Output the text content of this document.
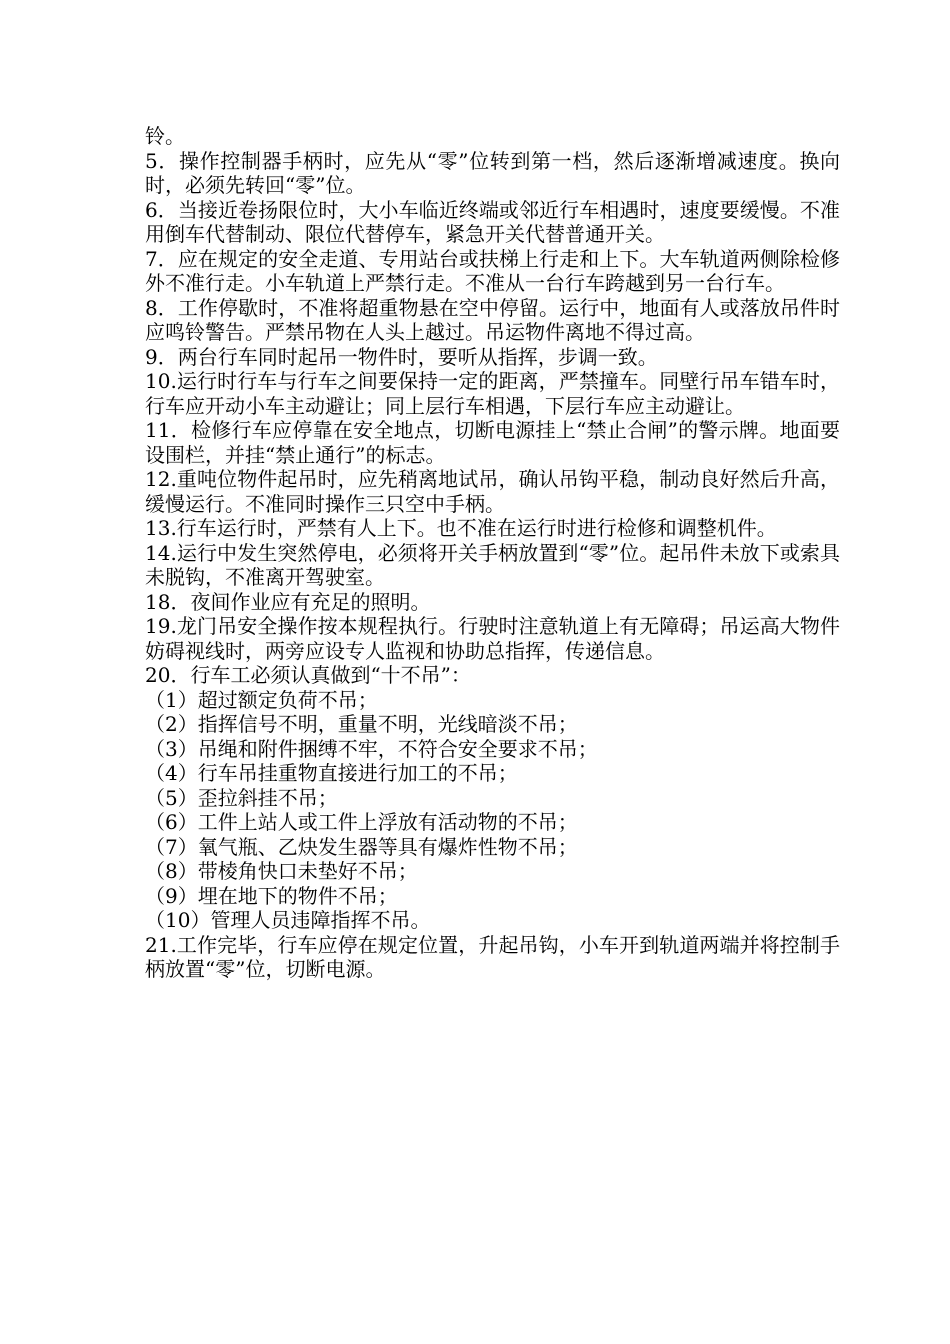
铃。

5．操作控制器手柄时，应先从“零”位转到第一档，然后逐渐增减速度。换向时，必须先转回“零”位。

6．当接近卷扬限位时，大小车临近终端或邻近行车相遇时，速度要缓慢。不准用倒车代替制动、限位代替停车，紧急开关代替普通开关。

7．应在规定的安全走道、专用站台或扶梯上行走和上下。大车轨道两侧除检修外不准行走。小车轨道上严禁行走。不准从一台行车跨越到另一台行车。

8．工作停歇时，不准将超重物悬在空中停留。运行中，地面有人或落放吊件时应鸣铃警告。严禁吊物在人头上越过。吊运物件离地不得过高。

9．两台行车同时起吊一物件时，要听从指挥，步调一致。

10.运行时行车与行车之间要保持一定的距离，严禁撞车。同壁行吊车错车时，行车应开动小车主动避让；同上层行车相遇，下层行车应主动避让。

11．检修行车应停靠在安全地点，切断电源挂上“禁止合闸”的警示牌。地面要设围栏，并挂“禁止通行”的标志。

12.重吨位物件起吊时，应先稍离地试吊，确认吊钩平稳，制动良好然后升高，缓慢运行。不准同时操作三只空中手柄。

13.行车运行时，严禁有人上下。也不准在运行时进行检修和调整机件。

14.运行中发生突然停电，必须将开关手柄放置到“零”位。起吊件未放下或索具未脱钩，不准离开驾驶室。

18．夜间作业应有充足的照明。

19.龙门吊安全操作按本规程执行。行驶时注意轨道上有无障碍；吊运高大物件妨碍视线时，两旁应设专人监视和协助总指挥，传递信息。

20．行车工必须认真做到“十不吊”：

（1）超过额定负荷不吊；

（2）指挥信号不明，重量不明，光线暗淡不吊；

（3）吊绳和附件捆缚不牢，不符合安全要求不吊；

（4）行车吊挂重物直接进行加工的不吊；

（5）歪拉斜挂不吊；

（6）工件上站人或工件上浮放有活动物的不吊；

（7）氧气瓶、乙炔发生器等具有爆炸性物不吊；

（8）带棱角快口未垫好不吊；

（9）埋在地下的物件不吊；

（10）管理人员违障指挥不吊。

21.工作完毕，行车应停在规定位置，升起吊钩，小车开到轨道两端并将控制手柄放置“零”位，切断电源。
